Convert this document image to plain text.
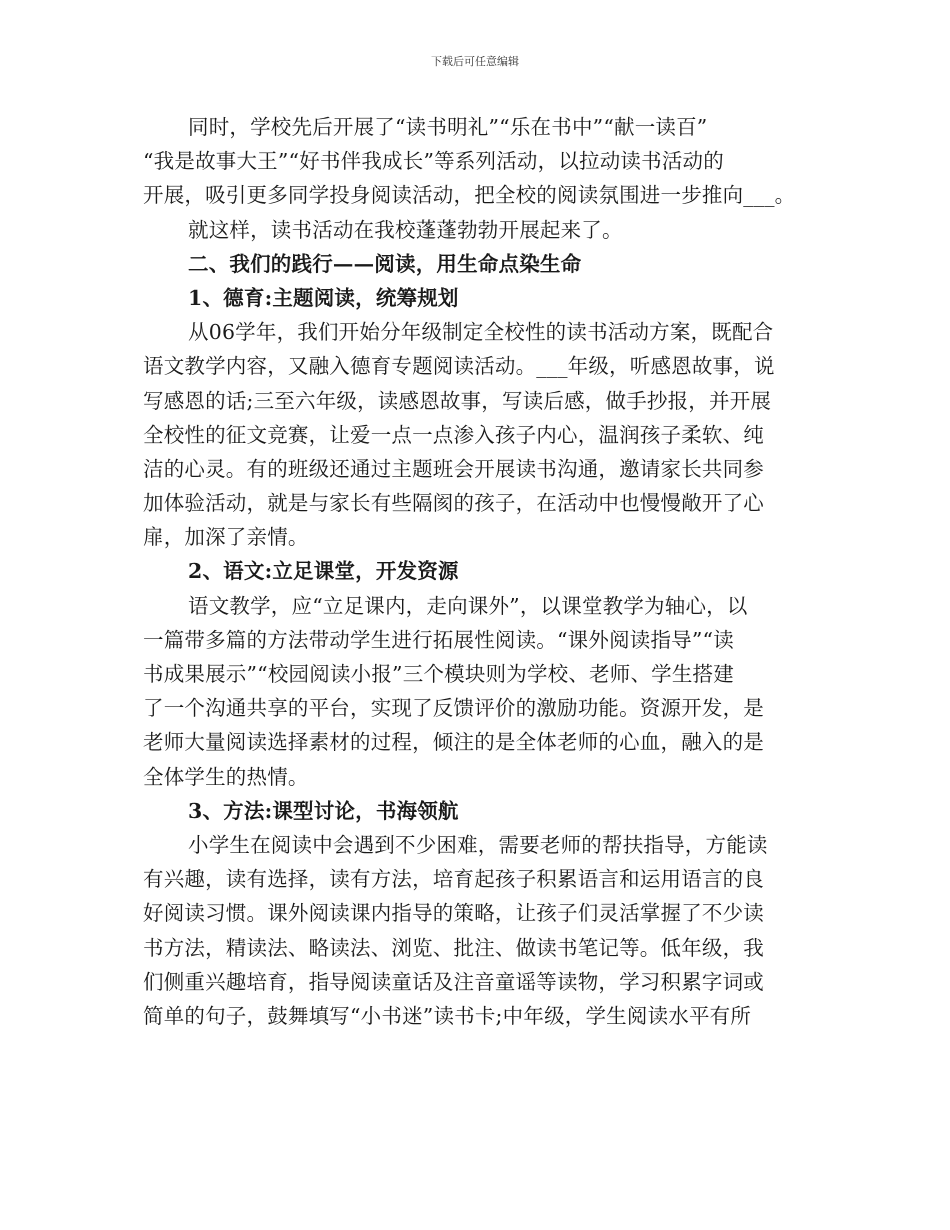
下载后可任意编辑
同时，学校先后开展了“读书明礼”“乐在书中”“献一读百”
“我是故事大王”“好书伴我成长”等系列活动，以拉动读书活动的
开展，吸引更多同学投身阅读活动，把全校的阅读氛围进一步推向___。
就这样，读书活动在我校蓬蓬勃勃开展起来了。
二、我们的践行——阅读，用生命点染生命
1、德育:主题阅读，统筹规划
从06学年，我们开始分年级制定全校性的读书活动方案，既配合
语文教学内容，又融入德育专题阅读活动。___年级，听感恩故事，说
写感恩的话;三至六年级，读感恩故事，写读后感，做手抄报，并开展
全校性的征文竞赛，让爱一点一点渗入孩子内心，温润孩子柔软、纯
洁的心灵。有的班级还通过主题班会开展读书沟通，邀请家长共同参
加体验活动，就是与家长有些隔阂的孩子，在活动中也慢慢敞开了心
扉，加深了亲情。
2、语文:立足课堂，开发资源
语文教学，应“立足课内，走向课外”，以课堂教学为轴心，以
一篇带多篇的方法带动学生进行拓展性阅读。“课外阅读指导”“读
书成果展示”“校园阅读小报”三个模块则为学校、老师、学生搭建
了一个沟通共享的平台，实现了反馈评价的激励功能。资源开发，是
老师大量阅读选择素材的过程，倾注的是全体老师的心血，融入的是
全体学生的热情。
3、方法:课型讨论，书海领航
小学生在阅读中会遇到不少困难，需要老师的帮扶指导，方能读
有兴趣，读有选择，读有方法，培育起孩子积累语言和运用语言的良
好阅读习惯。课外阅读课内指导的策略，让孩子们灵活掌握了不少读
书方法，精读法、略读法、浏览、批注、做读书笔记等。低年级，我
们侧重兴趣培育，指导阅读童话及注音童谣等读物，学习积累字词或
简单的句子，鼓舞填写“小书迷”读书卡;中年级，学生阅读水平有所
